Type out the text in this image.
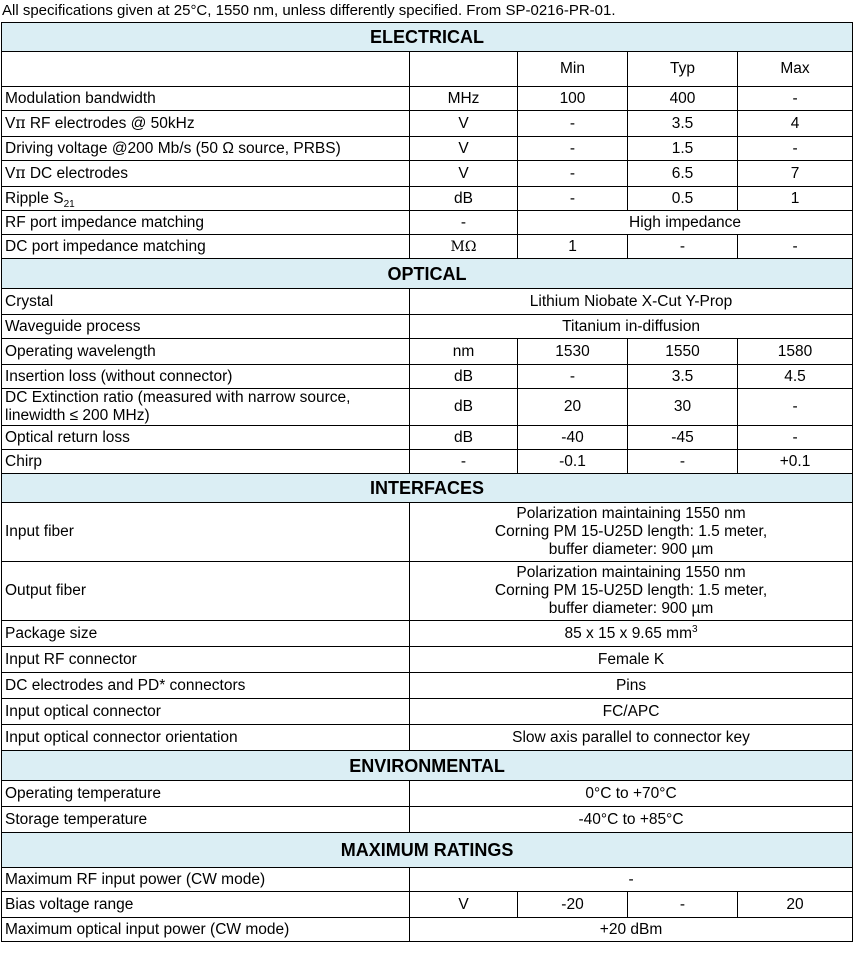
All specifications given at 25°C, 1550 nm, unless differently specified. From SP-0216-PR-01.
ELECTRICAL				
		Min	Typ	Max
Modulation bandwidth	MHz	100	400	-
Vπ RF electrodes @ 50kHz	V	-	3.5	4
Driving voltage @200 Mb/s (50 Ω source, PRBS)	V	-	1.5	-
Vπ DC electrodes	V	-	6.5	7
Ripple $S_{21}$	dB	-	0.5	1
RF port impedance matching	-	High impedance		
DC port impedance matching	MΩ	1	-	-
OPTICAL				
Crystal	Lithium Niobate X-Cut Y-Prop			
Waveguide process	Titanium in-diffusion			
Operating wavelength	nm	1530	1550	1580
Insertion loss (without connector)	dB	-	3.5	4.5
DC Extinction ratio (measured with narrow source,
linewidth ≤ 200 MHz)	dB	20	30	-
Optical return loss	dB	-40	-45	-
Chirp	-	-0.1	-	+0.1
INTERFACES				
Input fiber	Polarization maintaining 1550 nm
Corning PM 15-U25D length: 1.5 meter,
buffer diameter: 900 µm			
Output fiber	Polarization maintaining 1550 nm
Corning PM 15-U25D length: 1.5 meter,
buffer diameter: 900 µm			
Package size	85 x 15 x 9.65 $mm^3$
Input RF connector	Female K			
DC electrodes and PD* connectors	Pins			
Input optical connector	FC/APC			
Input optical connector orientation	Slow axis parallel to connector key			
ENVIRONMENTAL				
Operating temperature	0°C to +70°C			
Storage temperature	-40°C to +85°C			
MAXIMUM RATINGS				
Maximum RF input power (CW mode)	-			
Bias voltage range	V	-20	-	20
Maximum optical input power (CW mode)	+20 dBm			
